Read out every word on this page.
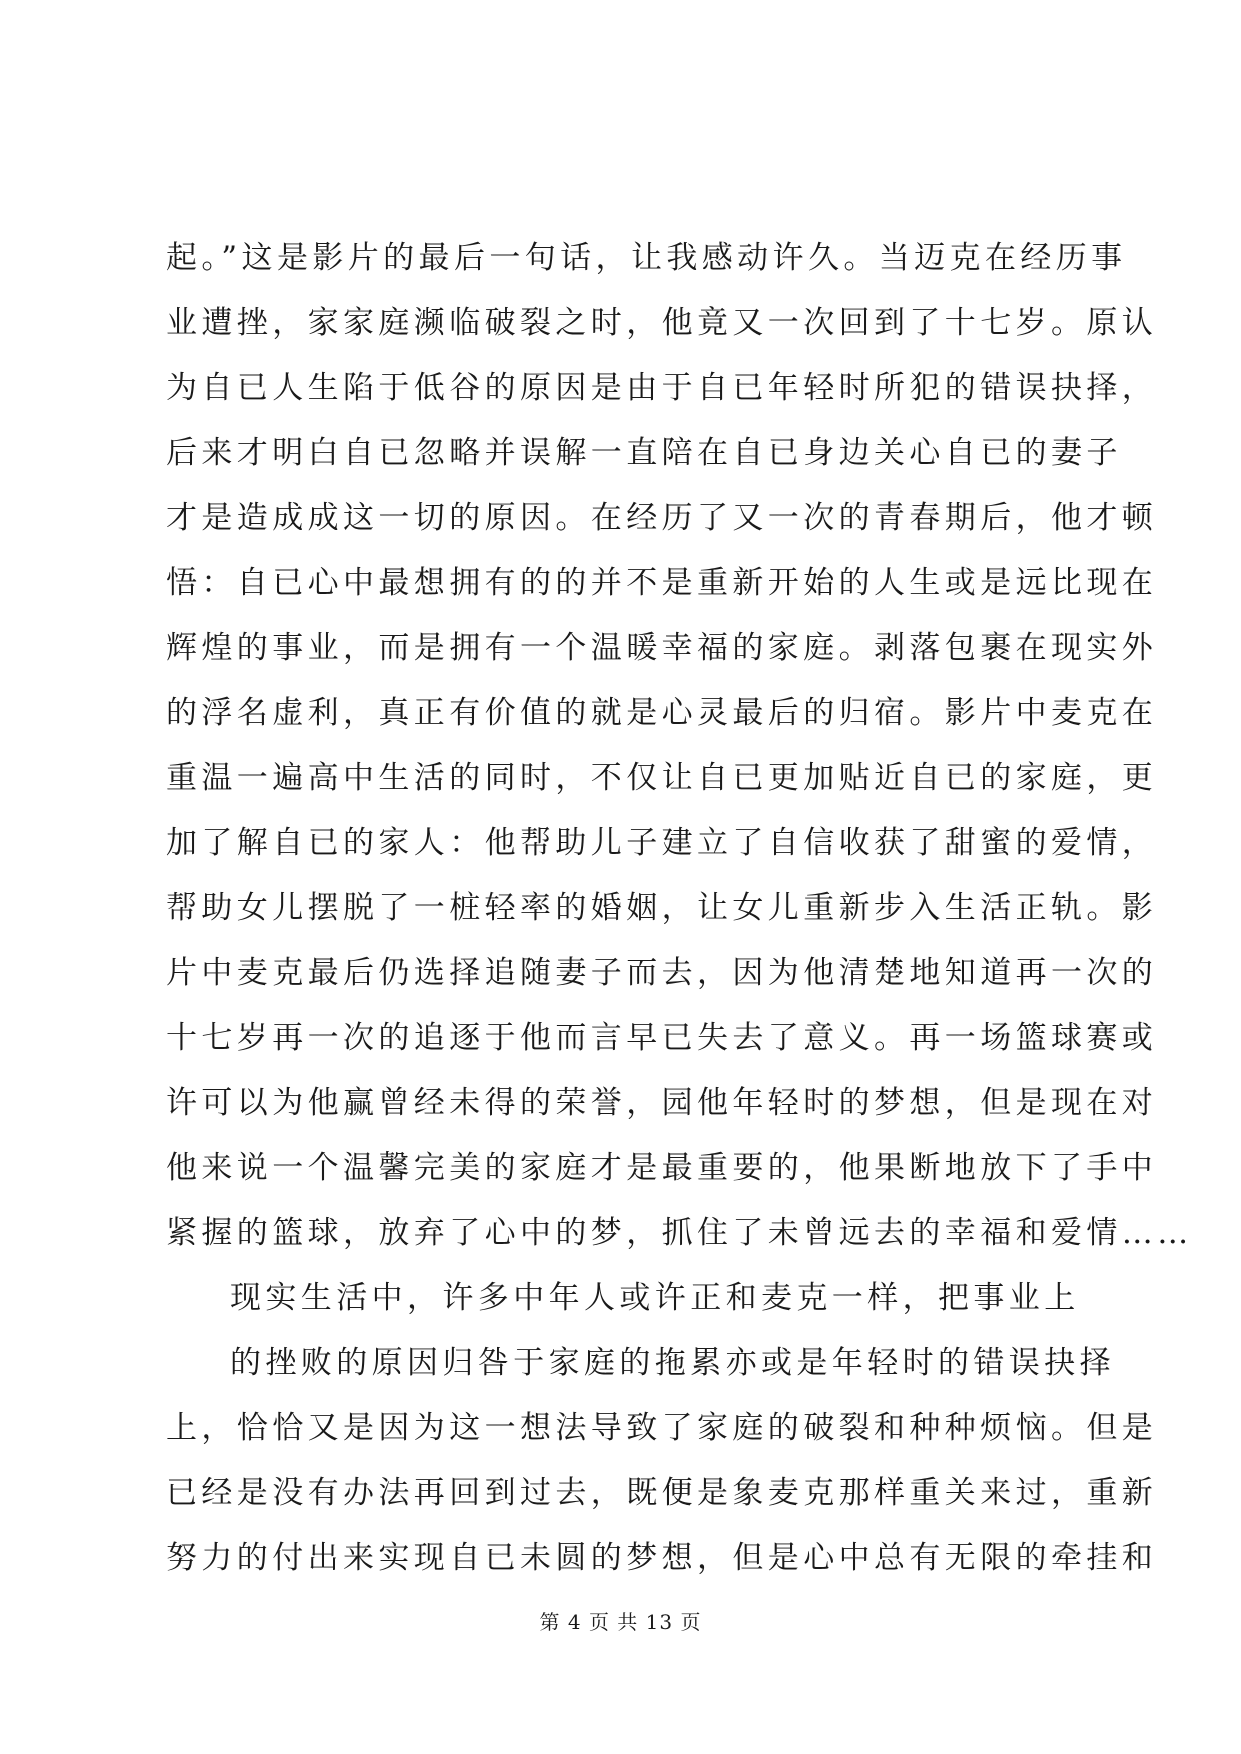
起。”这是影片的最后一句话，让我感动许久。当迈克在经历事
业遭挫，家家庭濒临破裂之时，他竟又一次回到了十七岁。原认
为自已人生陷于低谷的原因是由于自已年轻时所犯的错误抉择，
后来才明白自已忽略并误解一直陪在自已身边关心自已的妻子
才是造成成这一切的原因。在经历了又一次的青春期后，他才顿
悟：自已心中最想拥有的的并不是重新开始的人生或是远比现在
辉煌的事业，而是拥有一个温暖幸福的家庭。剥落包裹在现实外
的浮名虚利，真正有价值的就是心灵最后的归宿。影片中麦克在
重温一遍高中生活的同时，不仅让自已更加贴近自已的家庭，更
加了解自已的家人：他帮助儿子建立了自信收获了甜蜜的爱情，
帮助女儿摆脱了一桩轻率的婚姻，让女儿重新步入生活正轨。影
片中麦克最后仍选择追随妻子而去，因为他清楚地知道再一次的
十七岁再一次的追逐于他而言早已失去了意义。再一场篮球赛或
许可以为他赢曾经未得的荣誉，园他年轻时的梦想，但是现在对
他来说一个温馨完美的家庭才是最重要的，他果断地放下了手中
紧握的篮球，放弃了心中的梦，抓住了未曾远去的幸福和爱情……
现实生活中，许多中年人或许正和麦克一样，把事业上
的挫败的原因归咎于家庭的拖累亦或是年轻时的错误抉择
上，恰恰又是因为这一想法导致了家庭的破裂和种种烦恼。但是
已经是没有办法再回到过去，既便是象麦克那样重关来过，重新
努力的付出来实现自已未圆的梦想，但是心中总有无限的牵挂和
第 4 页 共 13 页
